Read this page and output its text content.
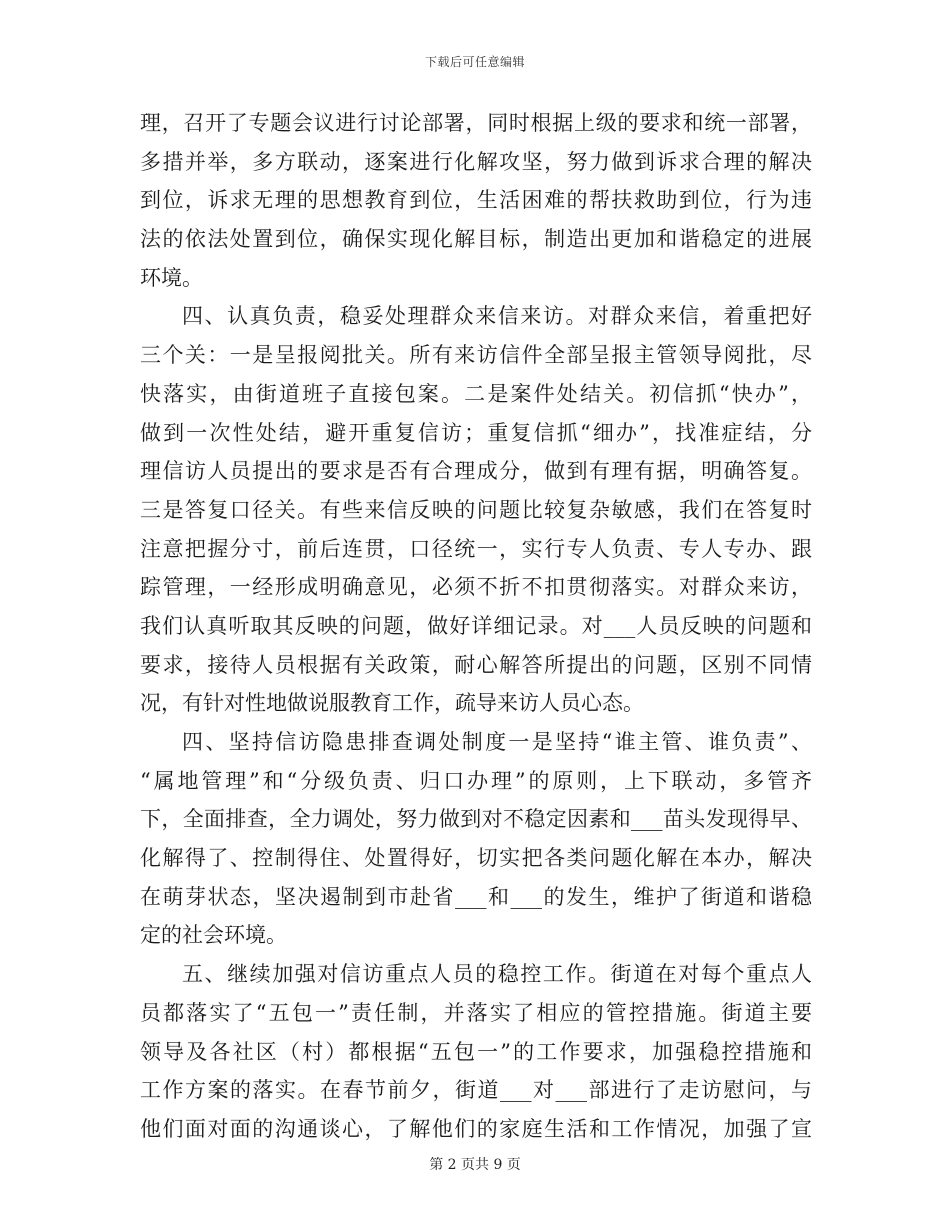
下载后可任意编辑
理，召开了专题会议进行讨论部署，同时根据上级的要求和统一部署，
多措并举，多方联动，逐案进行化解攻坚，努力做到诉求合理的解决
到位，诉求无理的思想教育到位，生活困难的帮扶救助到位，行为违
法的依法处置到位，确保实现化解目标，制造出更加和谐稳定的进展
环境。
四、认真负责，稳妥处理群众来信来访。对群众来信，着重把好
三个关：一是呈报阅批关。所有来访信件全部呈报主管领导阅批，尽
快落实，由街道班子直接包案。二是案件处结关。初信抓“快办”，
做到一次性处结，避开重复信访；重复信抓“细办”，找准症结，分
理信访人员提出的要求是否有合理成分，做到有理有据，明确答复。
三是答复口径关。有些来信反映的问题比较复杂敏感，我们在答复时
注意把握分寸，前后连贯，口径统一，实行专人负责、专人专办、跟
踪管理，一经形成明确意见，必须不折不扣贯彻落实。对群众来访，
我们认真听取其反映的问题，做好详细记录。对___人员反映的问题和
要求，接待人员根据有关政策，耐心解答所提出的问题，区别不同情
况，有针对性地做说服教育工作，疏导来访人员心态。
四、坚持信访隐患排查调处制度一是坚持“谁主管、谁负责”、
“属地管理”和“分级负责、归口办理”的原则，上下联动，多管齐
下，全面排查，全力调处，努力做到对不稳定因素和___苗头发现得早、
化解得了、控制得住、处置得好，切实把各类问题化解在本办，解决
在萌芽状态，坚决遏制到市赴省___和___的发生，维护了街道和谐稳
定的社会环境。
五、继续加强对信访重点人员的稳控工作。街道在对每个重点人
员都落实了“五包一”责任制，并落实了相应的管控措施。街道主要
领导及各社区（村）都根据“五包一”的工作要求，加强稳控措施和
工作方案的落实。在春节前夕，街道___对___部进行了走访慰问，与
他们面对面的沟通谈心，了解他们的家庭生活和工作情况，加强了宣
第 2 页共 9 页
